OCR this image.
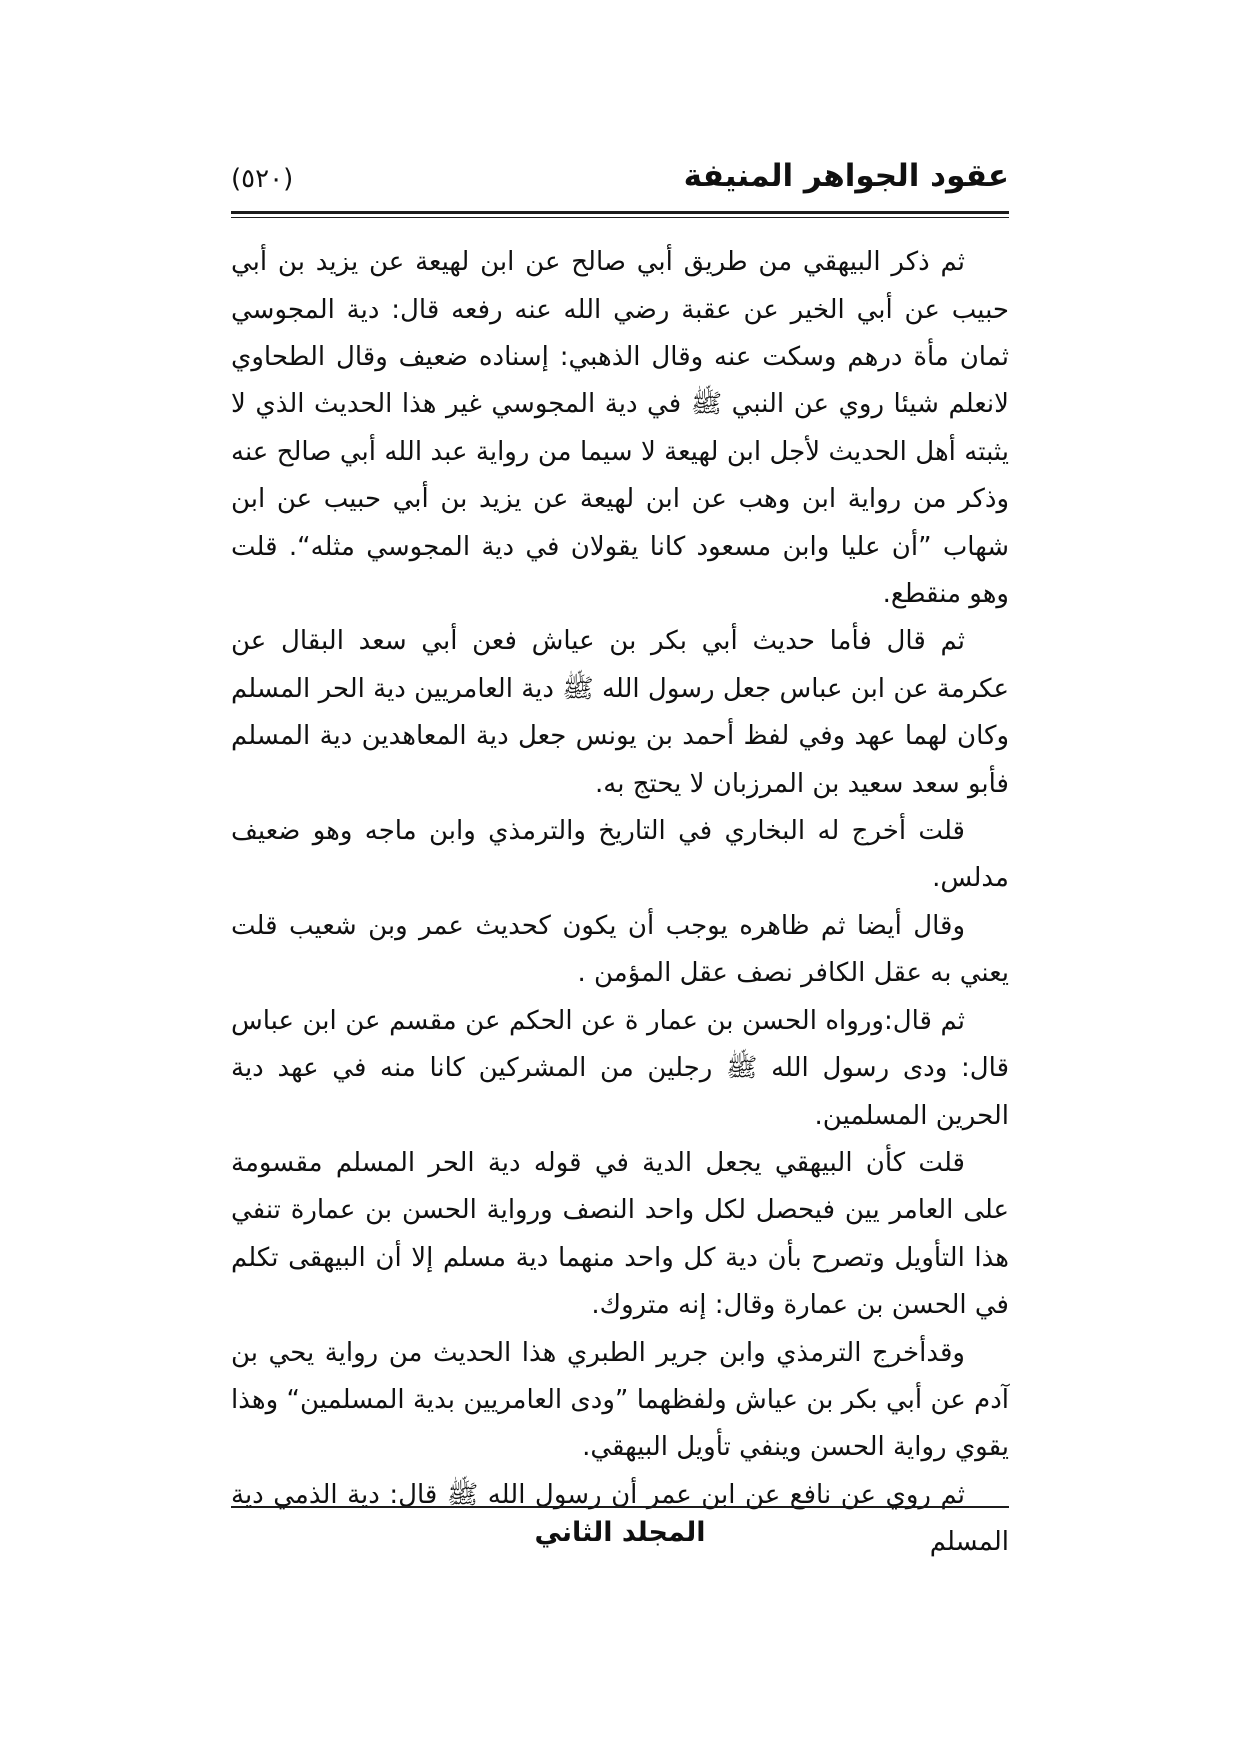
عقود الجواهر المنيفة
(٥٢٠)

ثم ذكر البيهقي من طريق أبي صالح عن ابن لهيعة عن يزيد بن أبي حبيب عن أبي الخير عن عقبة رضي الله عنه رفعه قال: دية المجوسي ثمان مأة درهم وسكت عنه وقال الذهبي: إسناده ضعيف وقال الطحاوي لانعلم شيئا روي عن النبي ﷺ في دية المجوسي غير هذا الحديث الذي لا يثبته أهل الحديث لأجل ابن لهيعة لا سيما من رواية عبد الله أبي صالح عنه وذكر من رواية ابن وهب عن ابن لهيعة عن يزيد بن أبي حبيب عن ابن شهاب ”أن عليا وابن مسعود كانا يقولان في دية المجوسي مثله“. قلت وهو منقطع.

ثم قال فأما حديث أبي بكر بن عياش فعن أبي سعد البقال عن عكرمة عن ابن عباس جعل رسول الله ﷺ دية العامريين دية الحر المسلم وكان لهما عهد وفي لفظ أحمد بن يونس جعل دية المعاهدين دية المسلم فأبو سعد سعيد بن المرزبان لا يحتج به.

قلت أخرج له البخاري في التاريخ والترمذي وابن ماجه وهو ضعيف مدلس.

وقال أيضا ثم ظاهره يوجب أن يكون كحديث عمر وبن شعيب قلت يعني به عقل الكافر نصف عقل المؤمن .

ثم قال:ورواه الحسن بن عمار ة عن الحكم عن مقسم عن ابن عباس قال: ودى رسول الله ﷺ رجلين من المشركين كانا منه في عهد دية الحرين المسلمين.

قلت كأن البيهقي يجعل الدية في قوله دية الحر المسلم مقسومة على العامر يين فيحصل لكل واحد النصف ورواية الحسن بن عمارة تنفي هذا التأويل وتصرح بأن دية كل واحد منهما دية مسلم إلا أن البيهقى تكلم في الحسن بن عمارة وقال: إنه متروك.

وقدأخرج الترمذي وابن جرير الطبري هذا الحديث من رواية يحي بن آدم عن أبي بكر بن عياش ولفظهما ”ودى العامريين بدية المسلمين“ وهذا يقوي رواية الحسن وينفي تأويل البيهقي.

ثم روي عن نافع عن ابن عمر أن رسول الله ﷺ قال: دية الذمي دية المسلم

المجلد الثاني
